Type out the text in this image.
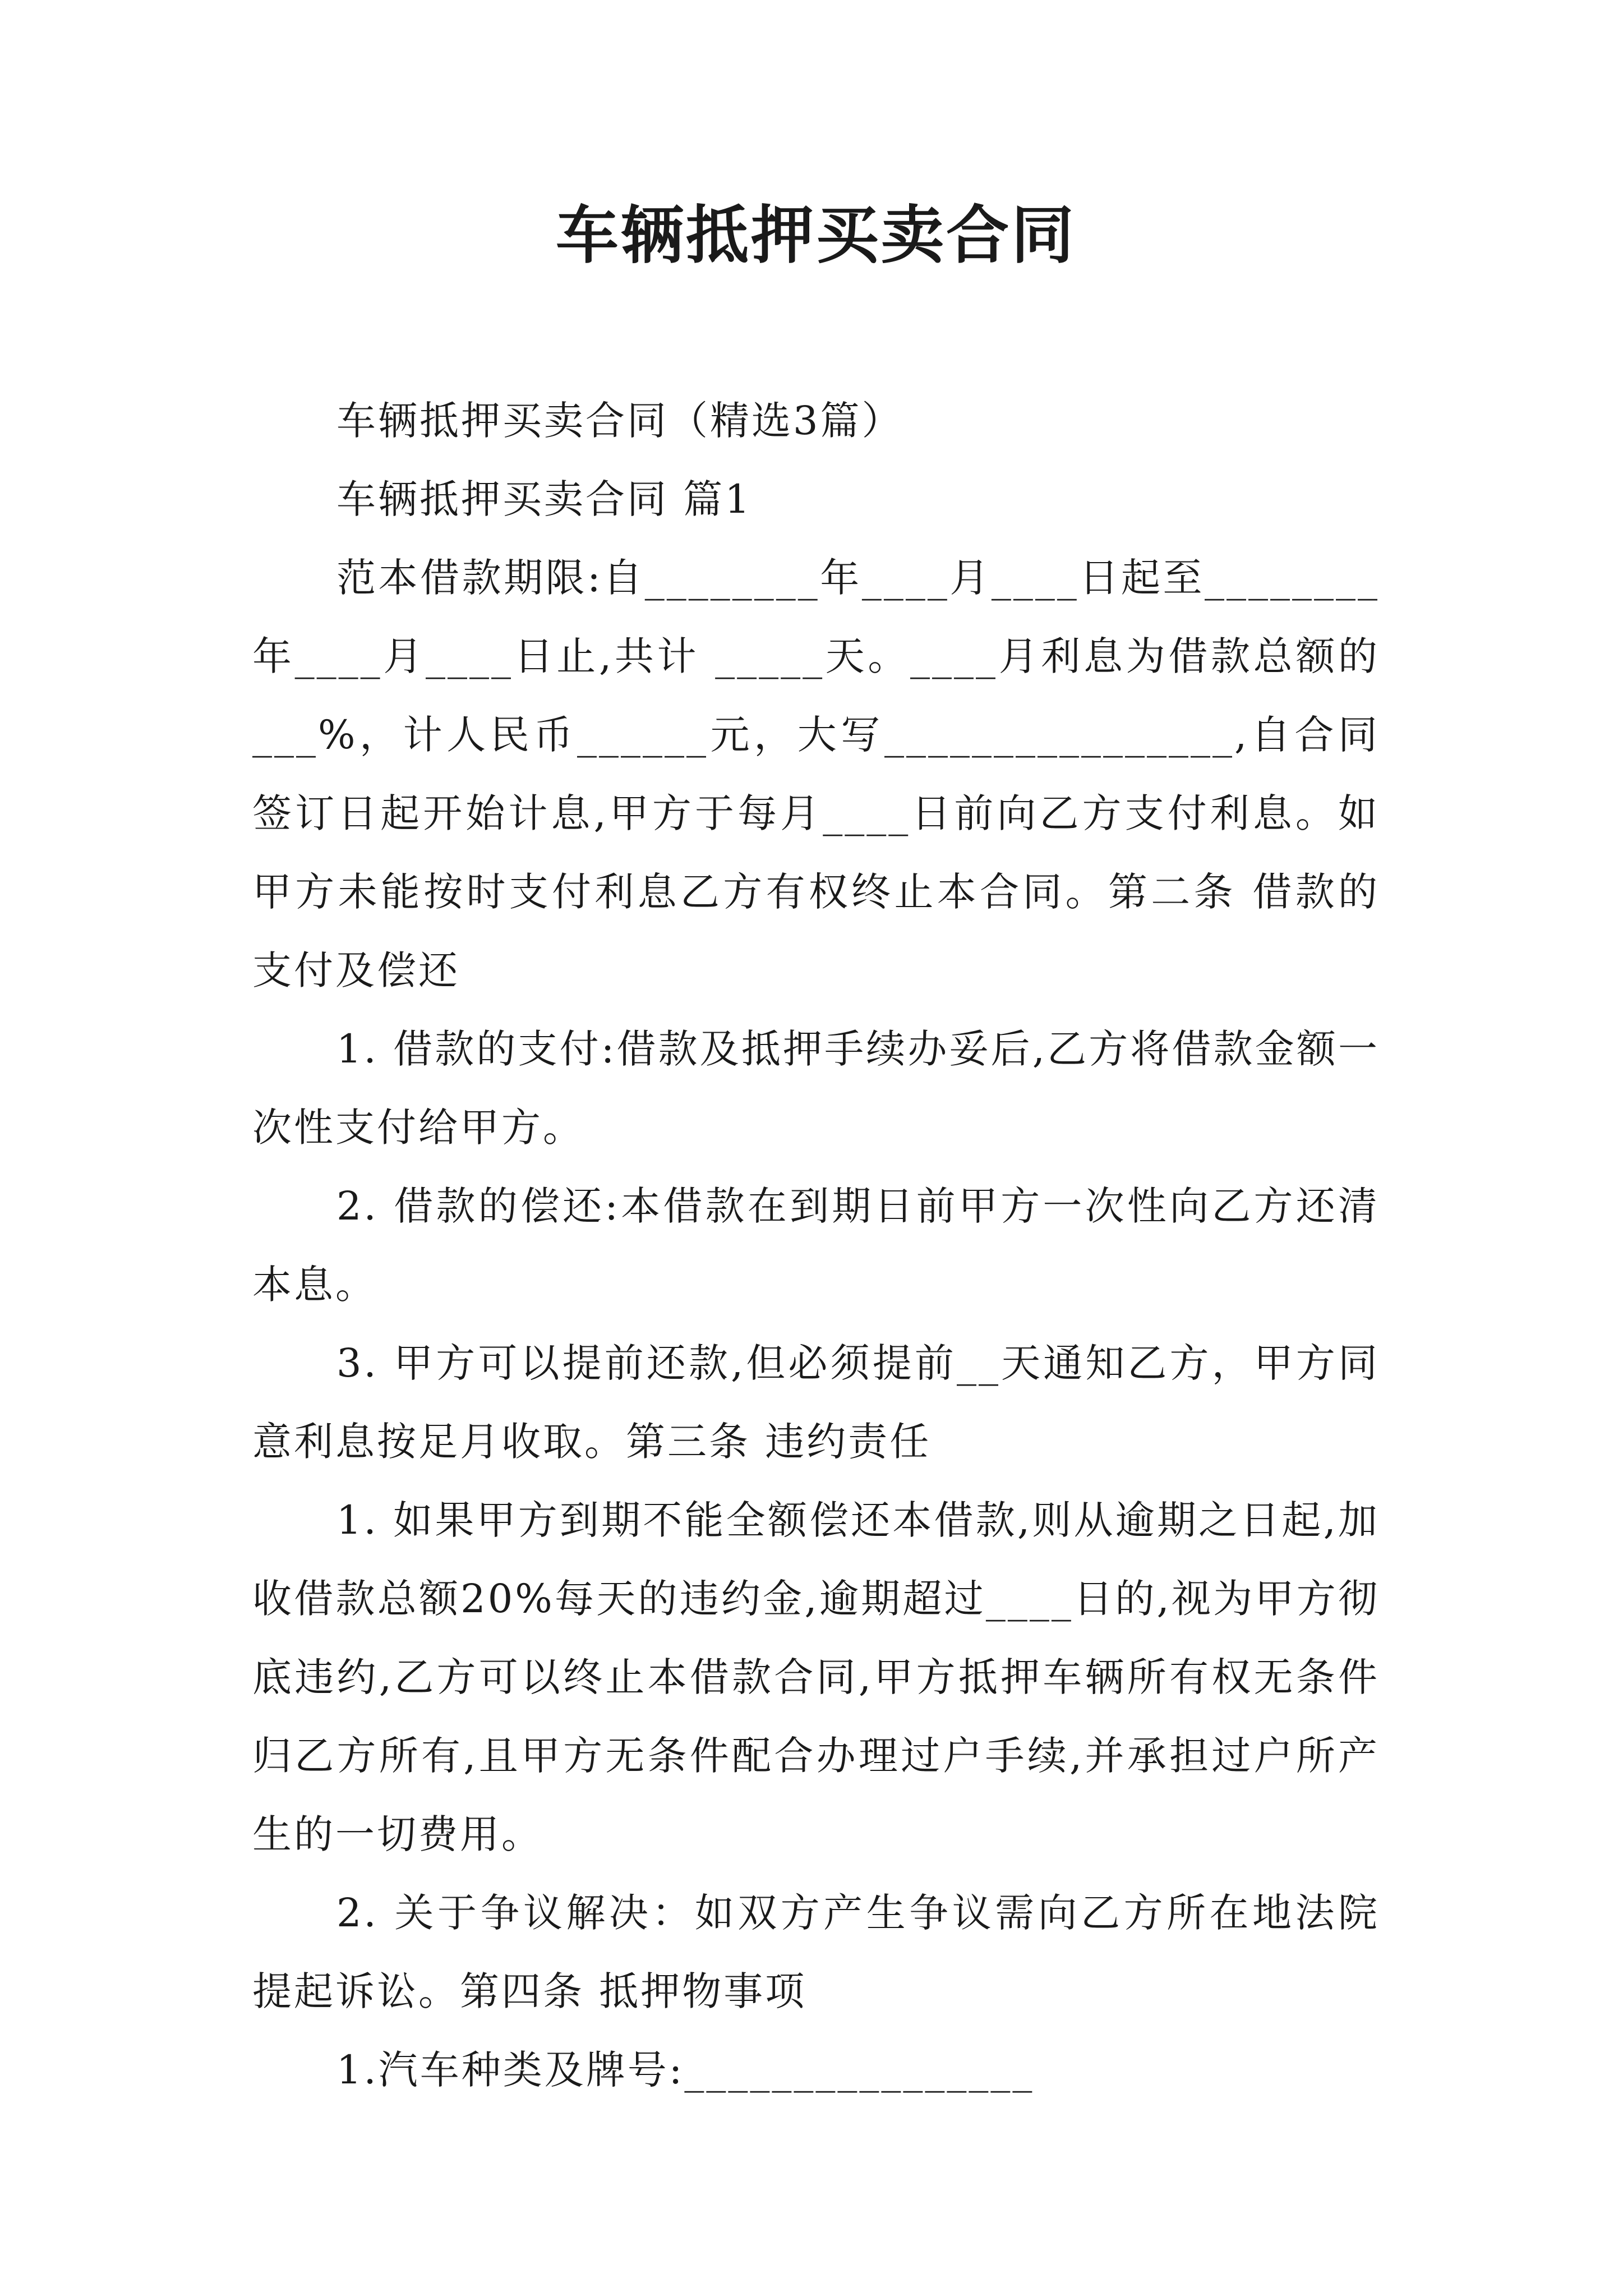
车辆抵押买卖合同

车辆抵押买卖合同（精选3篇）

车辆抵押买卖合同 篇1

范本借款期限:自________年____月____日起至________年____月____日止,共计 _____天。____月利息为借款总额的 ___%，计人民币______元，大写________________,自合同签订日起开始计息,甲方于每月____日前向乙方支付利息。如甲方未能按时支付利息乙方有权终止本合同。第二条 借款的支付及偿还

1. 借款的支付:借款及抵押手续办妥后,乙方将借款金额一次性支付给甲方。

2. 借款的偿还:本借款在到期日前甲方一次性向乙方还清本息。

3. 甲方可以提前还款,但必须提前__天通知乙方，甲方同意利息按足月收取。第三条 违约责任

1. 如果甲方到期不能全额偿还本借款,则从逾期之日起,加收借款总额20%每天的违约金,逾期超过____日的,视为甲方彻底违约,乙方可以终止本借款合同,甲方抵押车辆所有权无条件归乙方所有,且甲方无条件配合办理过户手续,并承担过户所产生的一切费用。

2. 关于争议解决：如双方产生争议需向乙方所在地法院提起诉讼。第四条 抵押物事项

1.汽车种类及牌号:________________
